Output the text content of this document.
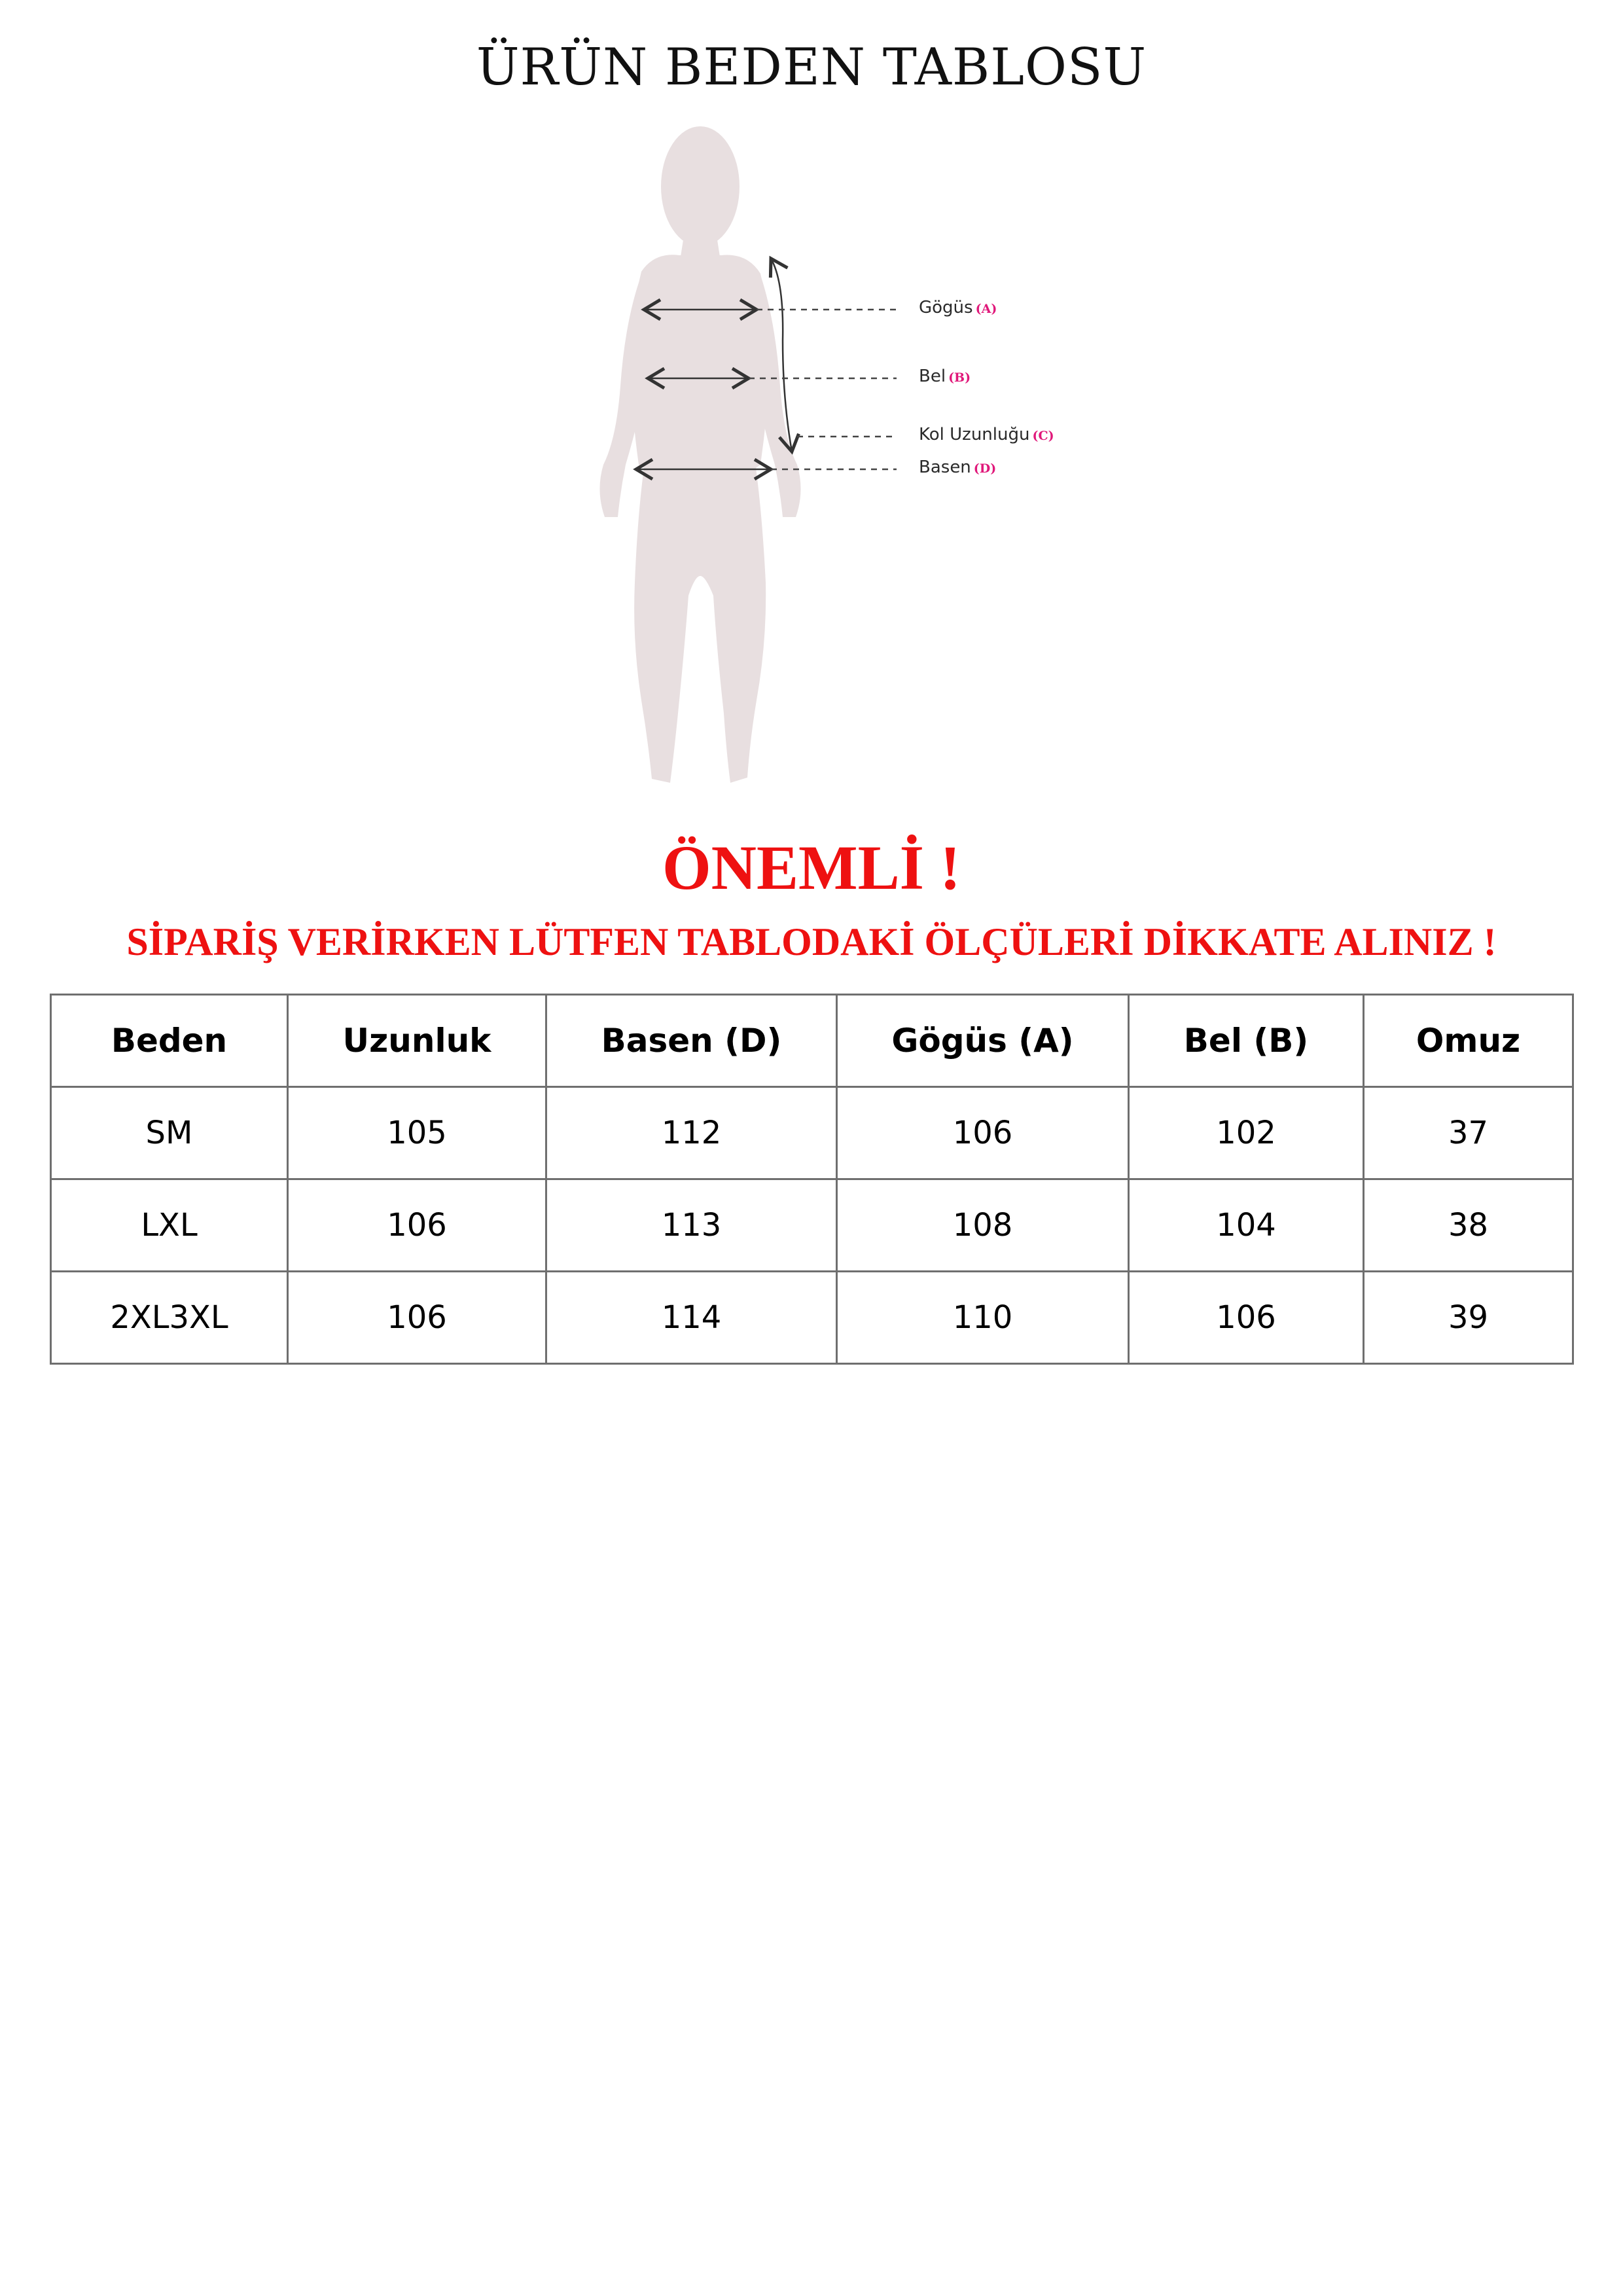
ÜRÜN BEDEN TABLOSU
Gögüs (A)
Bel (B)
Kol Uzunluğu (C)
Basen (D)
ÖNEMLİ !
SİPARİŞ VERİRKEN LÜTFEN TABLODAKİ ÖLÇÜLERİ DİKKATE ALINIZ !
Beden	Uzunluk	Basen (D)	Gögüs (A)	Bel (B)	Omuz
SM	105	112	106	102	37
LXL	106	113	108	104	38
2XL3XL	106	114	110	106	39
